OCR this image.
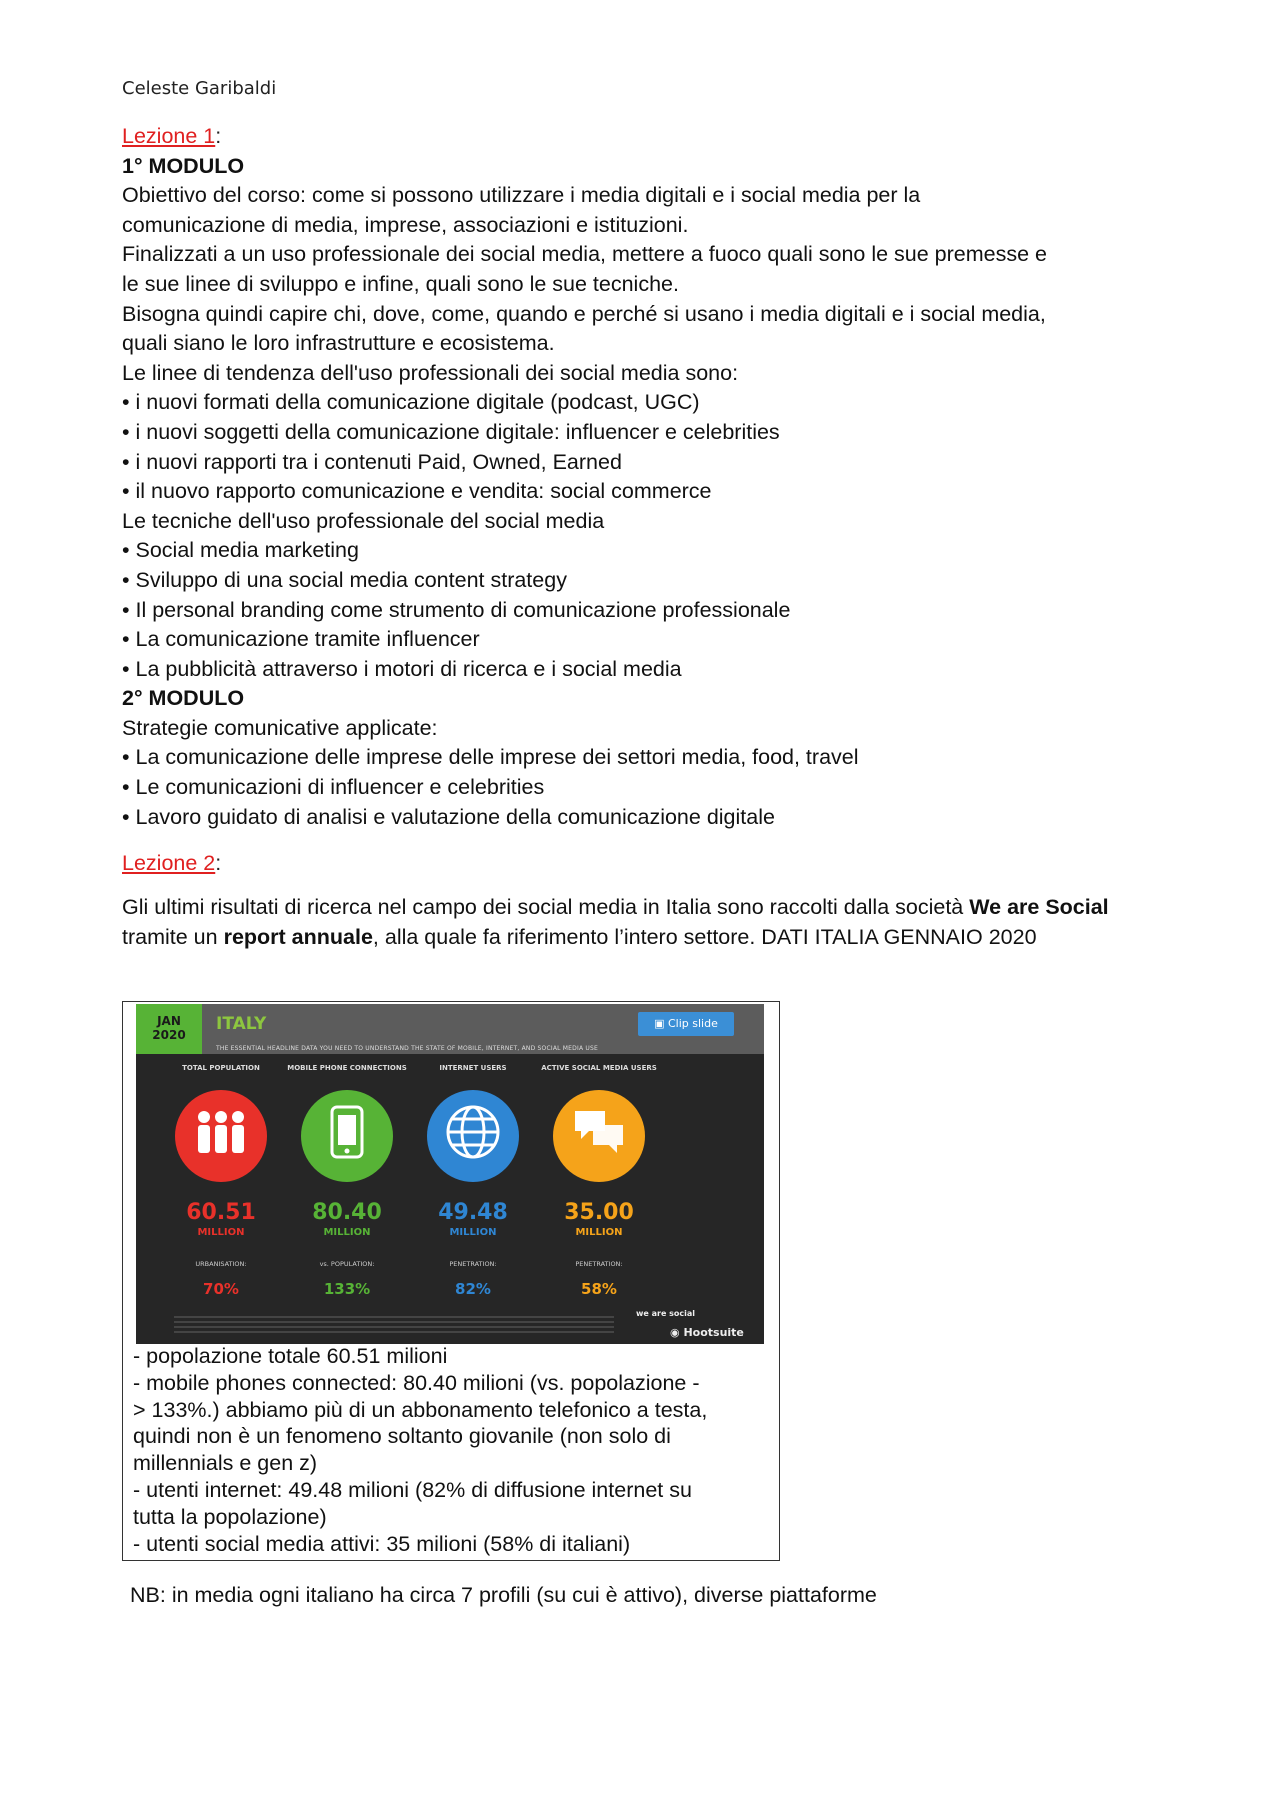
Celeste Garibaldi

Lezione 1:

1° MODULO

Obiettivo del corso: come si possono utilizzare i media digitali e i social media per la

comunicazione di media, imprese, associazioni e istituzioni.

Finalizzati a un uso professionale dei social media, mettere a fuoco quali sono le sue premesse e

le sue linee di sviluppo e infine, quali sono le sue tecniche.

Bisogna quindi capire chi, dove, come, quando e perché si usano i media digitali e i social media,

quali siano le loro infrastrutture e ecosistema.

Le linee di tendenza dell'uso professionali dei social media sono:

• i nuovi formati della comunicazione digitale (podcast, UGC)

• i nuovi soggetti della comunicazione digitale: influencer e celebrities

• i nuovi rapporti tra i contenuti Paid, Owned, Earned

• il nuovo rapporto comunicazione e vendita: social commerce

Le tecniche dell'uso professionale del social media

• Social media marketing

• Sviluppo di una social media content strategy

• Il personal branding come strumento di comunicazione professionale

• La comunicazione tramite influencer

• La pubblicità attraverso i motori di ricerca e i social media

2° MODULO

Strategie comunicative applicate:

• La comunicazione delle imprese delle imprese dei settori media, food, travel

• Le comunicazioni di influencer e celebrities

• Lavoro guidato di analisi e valutazione della comunicazione digitale

Lezione 2:

Gli ultimi risultati di ricerca nel campo dei social media in Italia sono raccolti dalla società We are Social tramite un report annuale, alla quale fa riferimento l’intero settore. DATI ITALIA GENNAIO 2020

JAN
2020
ITALY
THE ESSENTIAL HEADLINE DATA YOU NEED TO UNDERSTAND THE STATE OF MOBILE, INTERNET, AND SOCIAL MEDIA USE
▣ Clip slide
TOTAL POPULATION
60.51
MILLION
URBANISATION:
70%
MOBILE PHONE CONNECTIONS
80.40
MILLION
vs. POPULATION:
133%
INTERNET USERS
49.48
MILLION
PENETRATION:
82%
ACTIVE SOCIAL MEDIA USERS
35.00
MILLION
PENETRATION:
58%
we are social
◉ Hootsuite

- popolazione totale 60.51 milioni

- mobile phones connected: 80.40 milioni (vs. popolazione -

> 133%.) abbiamo più di un abbonamento telefonico a testa,

quindi non è un fenomeno soltanto giovanile (non solo di

millennials e gen z)

- utenti internet: 49.48 milioni (82% di diffusione internet su

tutta la popolazione)

- utenti social media attivi: 35 milioni (58% di italiani)

NB: in media ogni italiano ha circa 7 profili (su cui è attivo), diverse piattaforme
